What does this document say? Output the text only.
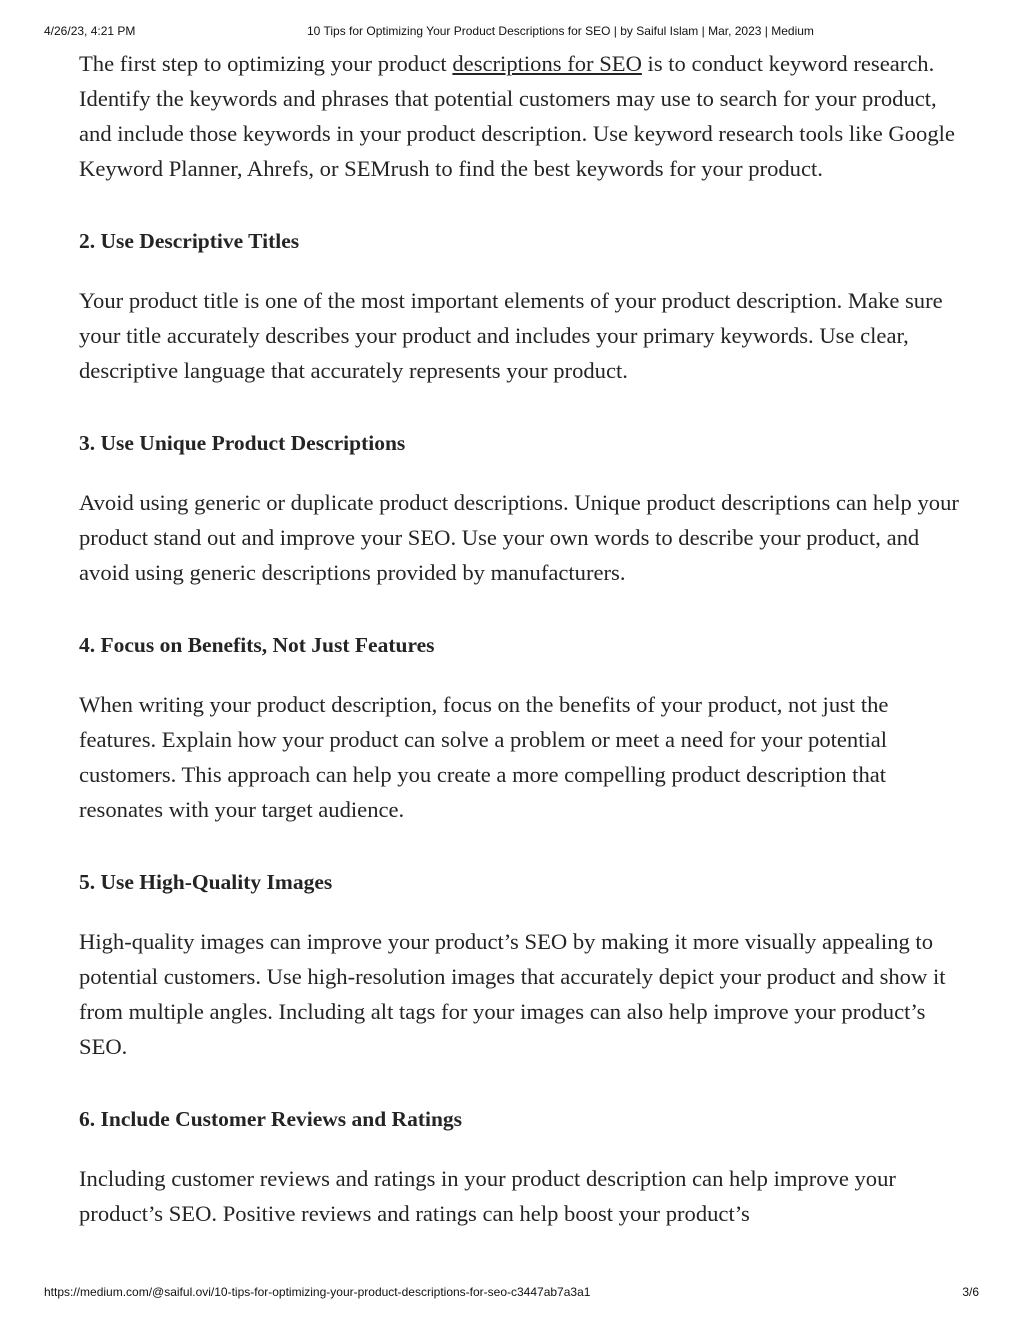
4/26/23, 4:21 PM	10 Tips for Optimizing Your Product Descriptions for SEO | by Saiful Islam | Mar, 2023 | Medium

The first step to optimizing your product descriptions for SEO is to conduct keyword research. Identify the keywords and phrases that potential customers may use to search for your product, and include those keywords in your product description. Use keyword research tools like Google Keyword Planner, Ahrefs, or SEMrush to find the best keywords for your product.

2. Use Descriptive Titles

Your product title is one of the most important elements of your product description. Make sure your title accurately describes your product and includes your primary keywords. Use clear, descriptive language that accurately represents your product.

3. Use Unique Product Descriptions

Avoid using generic or duplicate product descriptions. Unique product descriptions can help your product stand out and improve your SEO. Use your own words to describe your product, and avoid using generic descriptions provided by manufacturers.

4. Focus on Benefits, Not Just Features

When writing your product description, focus on the benefits of your product, not just the features. Explain how your product can solve a problem or meet a need for your potential customers. This approach can help you create a more compelling product description that resonates with your target audience.

5. Use High-Quality Images

High-quality images can improve your product’s SEO by making it more visually appealing to potential customers. Use high-resolution images that accurately depict your product and show it from multiple angles. Including alt tags for your images can also help improve your product’s SEO.

6. Include Customer Reviews and Ratings

Including customer reviews and ratings in your product description can help improve your product’s SEO. Positive reviews and ratings can help boost your product’s

https://medium.com/@saiful.ovi/10-tips-for-optimizing-your-product-descriptions-for-seo-c3447ab7a3a1	3/6
